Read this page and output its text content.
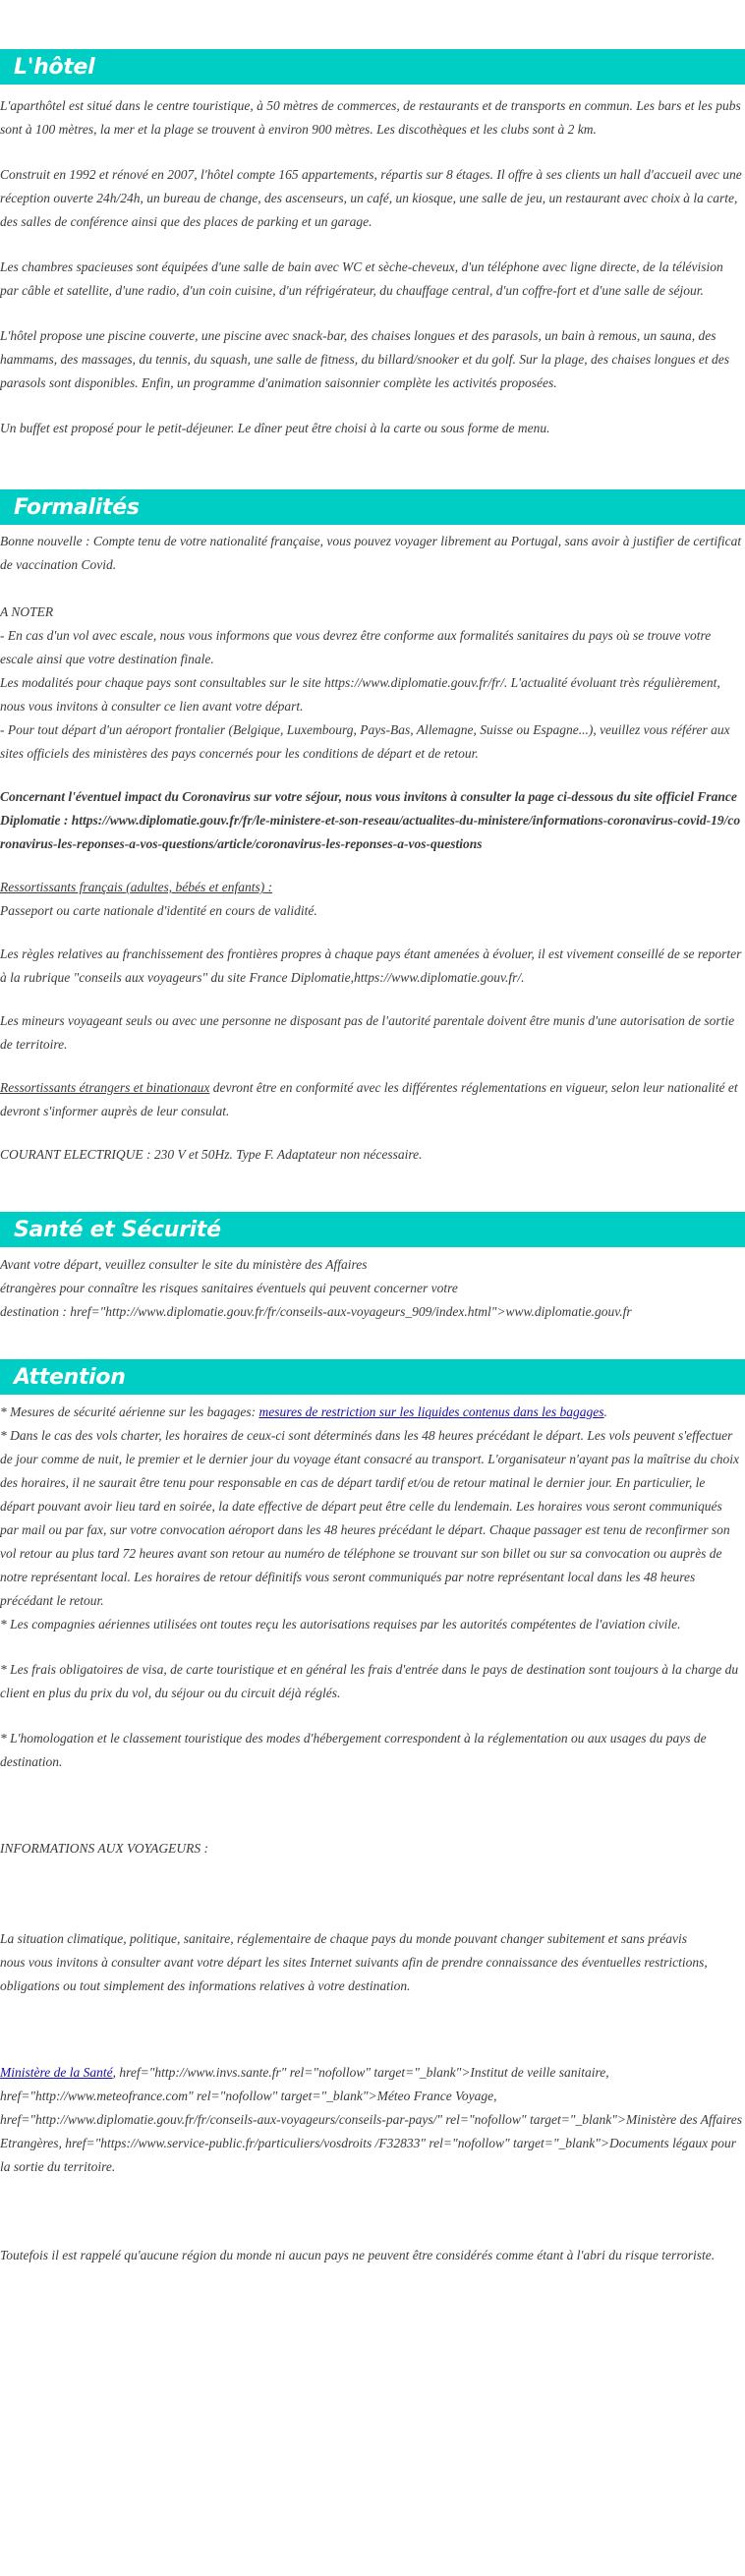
L'hôtel

L'aparthôtel est situé dans le centre touristique, à 50 mètres de commerces, de restaurants et de transports en commun. Les bars et les pubs sont à 100 mètres, la mer et la plage se trouvent à environ 900 mètres. Les discothèques et les clubs sont à 2 km.

Construit en 1992 et rénové en 2007, l'hôtel compte 165 appartements, répartis sur 8 étages. Il offre à ses clients un hall d'accueil avec une réception ouverte 24h/24h, un bureau de change, des ascenseurs, un café, un kiosque, une salle de jeu, un restaurant avec choix à la carte, des salles de conférence ainsi que des places de parking et un garage.

Les chambres spacieuses sont équipées d'une salle de bain avec WC et sèche-cheveux, d'un téléphone avec ligne directe, de la télévision par câble et satellite, d'une radio, d'un coin cuisine, d'un réfrigérateur, du chauffage central, d'un coffre-fort et d'une salle de séjour.

L'hôtel propose une piscine couverte, une piscine avec snack-bar, des chaises longues et des parasols, un bain à remous, un sauna, des hammams, des massages, du tennis, du squash, une salle de fitness, du billard/snooker et du golf. Sur la plage, des chaises longues et des parasols sont disponibles. Enfin, un programme d'animation saisonnier complète les activités proposées.

Un buffet est proposé pour le petit-déjeuner. Le dîner peut être choisi à la carte ou sous forme de menu.

Formalités

Bonne nouvelle : Compte tenu de votre nationalité française, vous pouvez voyager librement au Portugal, sans avoir à justifier de certificat de vaccination Covid.

A NOTER

- En cas d'un vol avec escale, nous vous informons que vous devrez être conforme aux formalités sanitaires du pays où se trouve votre escale ainsi que votre destination finale.

Les modalités pour chaque pays sont consultables sur le site https://www.diplomatie.gouv.fr/fr/. L'actualité évoluant très régulièrement, nous vous invitons à consulter ce lien avant votre départ.

- Pour tout départ d'un aéroport frontalier (Belgique, Luxembourg, Pays-Bas, Allemagne, Suisse ou Espagne...), veuillez vous référer aux sites officiels des ministères des pays concernés pour les conditions de départ et de retour.

Concernant l'éventuel impact du Coronavirus sur votre séjour, nous vous invitons à consulter la page ci-dessous du site officiel France Diplomatie : https://www.diplomatie.gouv.fr/fr/le-ministere-et-son-reseau/actualites-du-ministere/informations-coronavirus-covid-19/coronavirus-les-reponses-a-vos-questions/article/coronavirus-les-reponses-a-vos-questions

Ressortissants français (adultes, bébés et enfants) :

Passeport ou carte nationale d'identité en cours de validité.

Les règles relatives au franchissement des frontières propres à chaque pays étant amenées à évoluer, il est vivement conseillé de se reporter à la rubrique "conseils aux voyageurs" du site France Diplomatie,https://www.diplomatie.gouv.fr/.

Les mineurs voyageant seuls ou avec une personne ne disposant pas de l'autorité parentale doivent être munis d'une autorisation de sortie de territoire.

Ressortissants étrangers et binationaux devront être en conformité avec les différentes réglementations en vigueur, selon leur nationalité et devront s'informer auprès de leur consulat.

COURANT ELECTRIQUE : 230 V et 50Hz. Type F. Adaptateur non nécessaire.

Santé et Sécurité

Avant votre départ, veuillez consulter le site du ministère des Affaires

étrangères pour connaître les risques sanitaires éventuels qui peuvent concerner votre

destination : href="http://www.diplomatie.gouv.fr/fr/conseils-aux-voyageurs_909/index.html">www.diplomatie.gouv.fr

Attention

* Mesures de sécurité aérienne sur les bagages: mesures de restriction sur les liquides contenus dans les bagages.

* Dans le cas des vols charter, les horaires de ceux-ci sont déterminés dans les 48 heures précédant le départ. Les vols peuvent s'effectuer de jour comme de nuit, le premier et le dernier jour du voyage étant consacré au transport. L'organisateur n'ayant pas la maîtrise du choix des horaires, il ne saurait être tenu pour responsable en cas de départ tardif et/ou de retour matinal le dernier jour. En particulier, le départ pouvant avoir lieu tard en soirée, la date effective de départ peut être celle du lendemain. Les horaires vous seront communiqués par mail ou par fax, sur votre convocation aéroport dans les 48 heures précédant le départ. Chaque passager est tenu de reconfirmer son vol retour au plus tard 72 heures avant son retour au numéro de téléphone se trouvant sur son billet ou sur sa convocation ou auprès de notre représentant local. Les horaires de retour définitifs vous seront communiqués par notre représentant local dans les 48 heures précédant le retour.

* Les compagnies aériennes utilisées ont toutes reçu les autorisations requises par les autorités compétentes de l'aviation civile.

* Les frais obligatoires de visa, de carte touristique et en général les frais d'entrée dans le pays de destination sont toujours à la charge du client en plus du prix du vol, du séjour ou du circuit déjà réglés.

* L'homologation et le classement touristique des modes d'hébergement correspondent à la réglementation ou aux usages du pays de destination.

INFORMATIONS AUX VOYAGEURS :

La situation climatique, politique, sanitaire, réglementaire de chaque pays du monde pouvant changer subitement et sans préavis

nous vous invitons à consulter avant votre départ les sites Internet suivants afin de prendre connaissance des éventuelles restrictions, obligations ou tout simplement des informations relatives à votre destination.

Ministère de la Santé, href="http://www.invs.sante.fr" rel="nofollow" target="_blank">Institut de veille sanitaire, href="http://www.meteofrance.com" rel="nofollow" target="_blank">Méteo France Voyage, href="http://www.diplomatie.gouv.fr/fr/conseils-aux-voyageurs/conseils-par-pays/" rel="nofollow" target="_blank">Ministère des Affaires Etrangères, href="https://www.service-public.fr/particuliers/vosdroits /F32833" rel="nofollow" target="_blank">Documents légaux pour la sortie du territoire.

Toutefois il est rappelé qu'aucune région du monde ni aucun pays ne peuvent être considérés comme étant à l'abri du risque terroriste.
